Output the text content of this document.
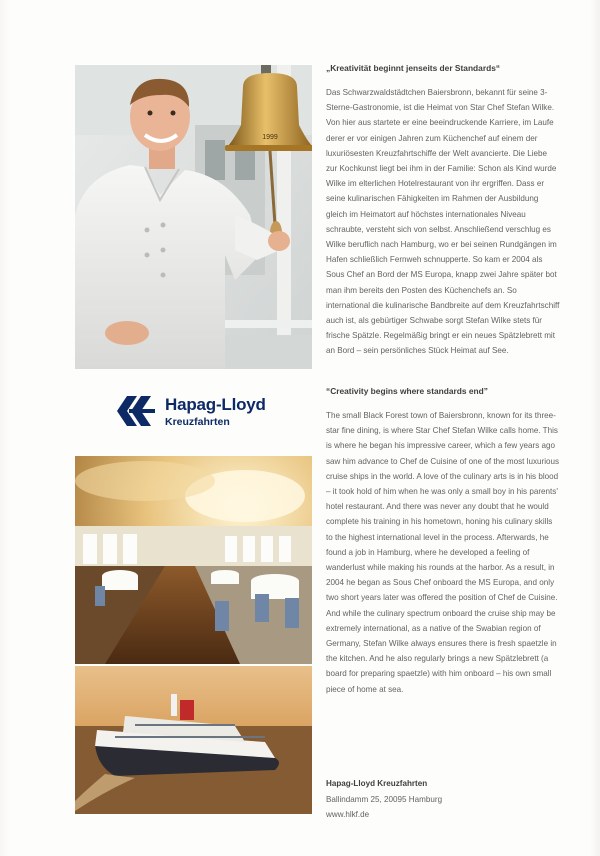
1999
„Kreativität beginnt jenseits der Standards“

Das Schwarzwaldstädtchen Baiersbronn, bekannt für seine 3-Sterne-Gastronomie, ist die Heimat von Star Chef Stefan Wilke. Von hier aus startete er eine beeindruckende Karriere, im Laufe derer er vor einigen Jahren zum Küchenchef auf einem der luxuriösesten Kreuzfahrtschiffe der Welt avancierte. Die Liebe zur Kochkunst liegt bei ihm in der Familie: Schon als Kind wurde Wilke im elterlichen Hotelrestaurant von ihr ergriffen. Dass er seine kulinarischen Fähigkeiten im Rahmen der Ausbildung gleich im Heimatort auf höchstes internationales Niveau schraubte, versteht sich von selbst. Anschließend verschlug es Wilke beruflich nach Hamburg, wo er bei seinen Rundgängen im Hafen schließlich Fernweh schnupperte. So kam er 2004 als Sous Chef an Bord der MS Europa, knapp zwei Jahre später bot man ihm bereits den Posten des Küchenchefs an. So international die kulinarische Bandbreite auf dem Kreuzfahrtschiff auch ist, als gebürtiger Schwabe sorgt Stefan Wilke stets für frische Spätzle. Regelmäßig bringt er ein neues Spätzlebrett mit an Bord – sein persönliches Stück Heimat auf See.

Hapag-Lloyd
Kreuzfahrten
“Creativity begins where standards end”

The small Black Forest town of Baiersbronn, known for its three-star fine dining, is where Star Chef Stefan Wilke calls home. This is where he began his impressive career, which a few years ago saw him advance to Chef de Cuisine of one of the most luxurious cruise ships in the world. A love of the culinary arts is in his blood – it took hold of him when he was only a small boy in his parents' hotel restaurant. And there was never any doubt that he would complete his training in his hometown, honing his culinary skills to the highest international level in the process. Afterwards, he found a job in Hamburg, where he developed a feeling of wanderlust while making his rounds at the harbor. As a result, in 2004 he began as Sous Chef onboard the MS Europa, and only two short years later was offered the position of Chef de Cuisine. And while the culinary spectrum onboard the cruise ship may be extremely international, as a native of the Swabian region of Germany, Stefan Wilke always ensures there is fresh spaetzle in the kitchen. And he also regularly brings a new Spätzlebrett (a board for preparing spaetzle) with him onboard – his own small piece of home at sea.

Hapag-Lloyd Kreuzfahrten
Ballindamm 25, 20095 Hamburg
www.hlkf.de
